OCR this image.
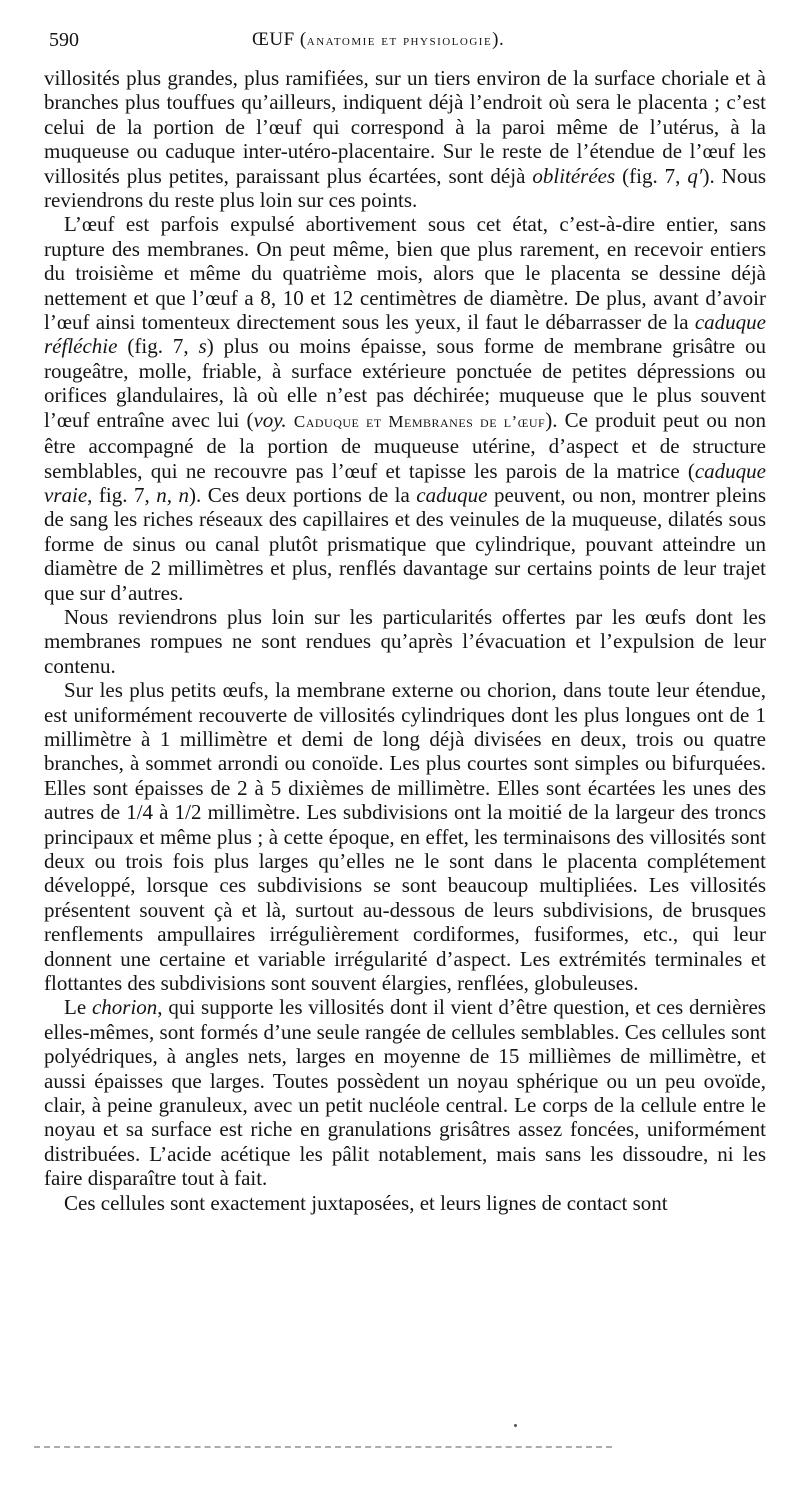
590	ŒUF (anatomie et physiologie).

villosités plus grandes, plus ramifiées, sur un tiers environ de la surface choriale et à branches plus touffues qu’ailleurs, indiquent déjà l’endroit où sera le placenta ; c’est celui de la portion de l’œuf qui correspond à la paroi même de l’utérus, à la muqueuse ou caduque inter-utéro-placentaire. Sur le reste de l’étendue de l’œuf les villosités plus petites, paraissant plus écartées, sont déjà oblitérées (fig. 7, q′). Nous reviendrons du reste plus loin sur ces points.

L’œuf est parfois expulsé abortivement sous cet état, c’est-à-dire entier, sans rupture des membranes. On peut même, bien que plus rarement, en recevoir entiers du troisième et même du quatrième mois, alors que le placenta se dessine déjà nettement et que l’œuf a 8, 10 et 12 centimètres de diamètre. De plus, avant d’avoir l’œuf ainsi tomenteux directement sous les yeux, il faut le débarrasser de la caduque réfléchie (fig. 7, s) plus ou moins épaisse, sous forme de membrane grisâtre ou rougeâtre, molle, friable, à surface extérieure ponctuée de petites dépressions ou orifices glandulaires, là où elle n’est pas déchirée; muqueuse que le plus souvent l’œuf entraîne avec lui (voy. Caduque et Membranes de l’œuf). Ce produit peut ou non être accompagné de la portion de muqueuse utérine, d’aspect et de structure semblables, qui ne recouvre pas l’œuf et tapisse les parois de la matrice (caduque vraie, fig. 7, n, n). Ces deux portions de la caduque peuvent, ou non, montrer pleins de sang les riches réseaux des capillaires et des veinules de la muqueuse, dilatés sous forme de sinus ou canal plutôt prismatique que cylindrique, pouvant atteindre un diamètre de 2 millimètres et plus, renflés davantage sur certains points de leur trajet que sur d’autres.

Nous reviendrons plus loin sur les particularités offertes par les œufs dont les membranes rompues ne sont rendues qu’après l’évacuation et l’expulsion de leur contenu.

Sur les plus petits œufs, la membrane externe ou chorion, dans toute leur étendue, est uniformément recouverte de villosités cylindriques dont les plus longues ont de 1 millimètre à 1 millimètre et demi de long déjà divisées en deux, trois ou quatre branches, à sommet arrondi ou conoïde. Les plus courtes sont simples ou bifurquées. Elles sont épaisses de 2 à 5 dixièmes de millimètre. Elles sont écartées les unes des autres de 1/4 à 1/2 millimètre. Les subdivisions ont la moitié de la largeur des troncs principaux et même plus ; à cette époque, en effet, les terminaisons des villosités sont deux ou trois fois plus larges qu’elles ne le sont dans le placenta complétement développé, lorsque ces subdivisions se sont beaucoup multipliées. Les villosités présentent souvent çà et là, surtout au-dessous de leurs subdivisions, de brusques renflements ampullaires irrégulièrement cordiformes, fusiformes, etc., qui leur donnent une certaine et variable irrégularité d’aspect. Les extrémités terminales et flottantes des subdivisions sont souvent élargies, renflées, globuleuses.

Le chorion, qui supporte les villosités dont il vient d’être question, et ces dernières elles-mêmes, sont formés d’une seule rangée de cellules semblables. Ces cellules sont polyédriques, à angles nets, larges en moyenne de 15 millièmes de millimètre, et aussi épaisses que larges. Toutes possèdent un noyau sphérique ou un peu ovoïde, clair, à peine granuleux, avec un petit nucléole central. Le corps de la cellule entre le noyau et sa surface est riche en granulations grisâtres assez foncées, uniformément distribuées. L’acide acétique les pâlit notablement, mais sans les dissoudre, ni les faire disparaître tout à fait.

Ces cellules sont exactement juxtaposées, et leurs lignes de contact sont
